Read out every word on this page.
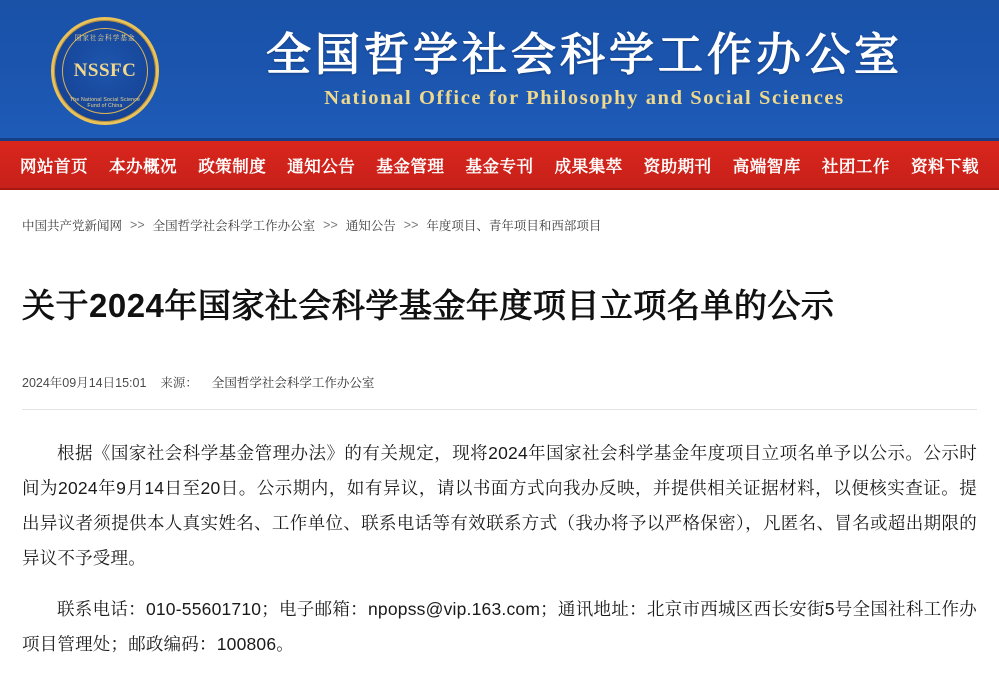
国家社会科学基金
NSSFC
The National Social Science Fund of China
全国哲学社会科学工作办公室
National Office for Philosophy and Social Sciences
网站首页	本办概况	政策制度	通知公告	基金管理	基金专刊	成果集萃	资助期刊	高端智库	社团工作	资料下载
中国共产党新闻网 >> 全国哲学社会科学工作办公室 >> 通知公告 >> 年度项目、青年项目和西部项目
关于2024年国家社会科学基金年度项目立项名单的公示
2024年09月14日15:01 来源： 全国哲学社会科学工作办公室

根据《国家社会科学基金管理办法》的有关规定，现将2024年国家社会科学基金年度项目立项名单予以公示。公示时间为2024年9月14日至20日。公示期内，如有异议，请以书面方式向我办反映，并提供相关证据材料，以便核实查证。提出异议者须提供本人真实姓名、工作单位、联系电话等有效联系方式（我办将予以严格保密），凡匿名、冒名或超出期限的异议不予受理。

联系电话：010-55601710；电子邮箱：npopss@vip.163.com；通讯地址：北京市西城区西长安街5号全国社科工作办项目管理处；邮政编码：100806。
